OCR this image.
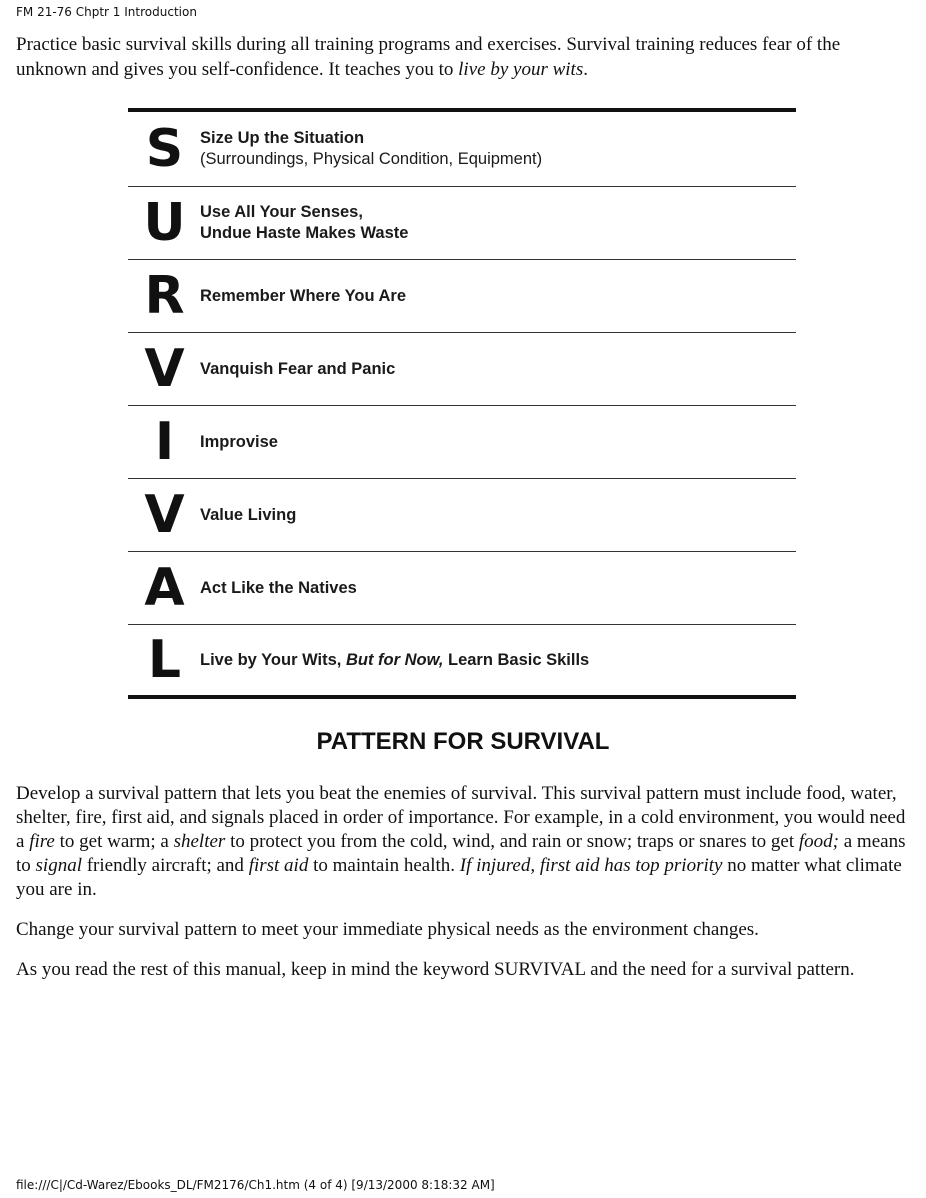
FM 21-76 Chptr 1 Introduction

Practice basic survival skills during all training programs and exercises. Survival training reduces fear of the unknown and gives you self-confidence. It teaches you to live by your wits.

S	Size Up the Situation
(Surroundings, Physical Condition, Equipment)
U Use All Your Senses,
Undue Haste Makes Waste
R Remember Where You Are
V Vanquish Fear and Panic
I	Improvise
V Value Living
A Act Like the Natives
L	Live by Your Wits, But for Now, Learn Basic Skills
PATTERN FOR SURVIVAL

Develop a survival pattern that lets you beat the enemies of survival. This survival pattern must include food, water, shelter, fire, first aid, and signals placed in order of importance. For example, in a cold environment, you would need a fire to get warm; a shelter to protect you from the cold, wind, and rain or snow; traps or snares to get food; a means to signal friendly aircraft; and first aid to maintain health. If injured, first aid has top priority no matter what climate you are in.

Change your survival pattern to meet your immediate physical needs as the environment changes.

As you read the rest of this manual, keep in mind the keyword SURVIVAL and the need for a survival pattern.

file:///C|/Cd-Warez/Ebooks_DL/FM2176/Ch1.htm (4 of 4) [9/13/2000 8:18:32 AM]
